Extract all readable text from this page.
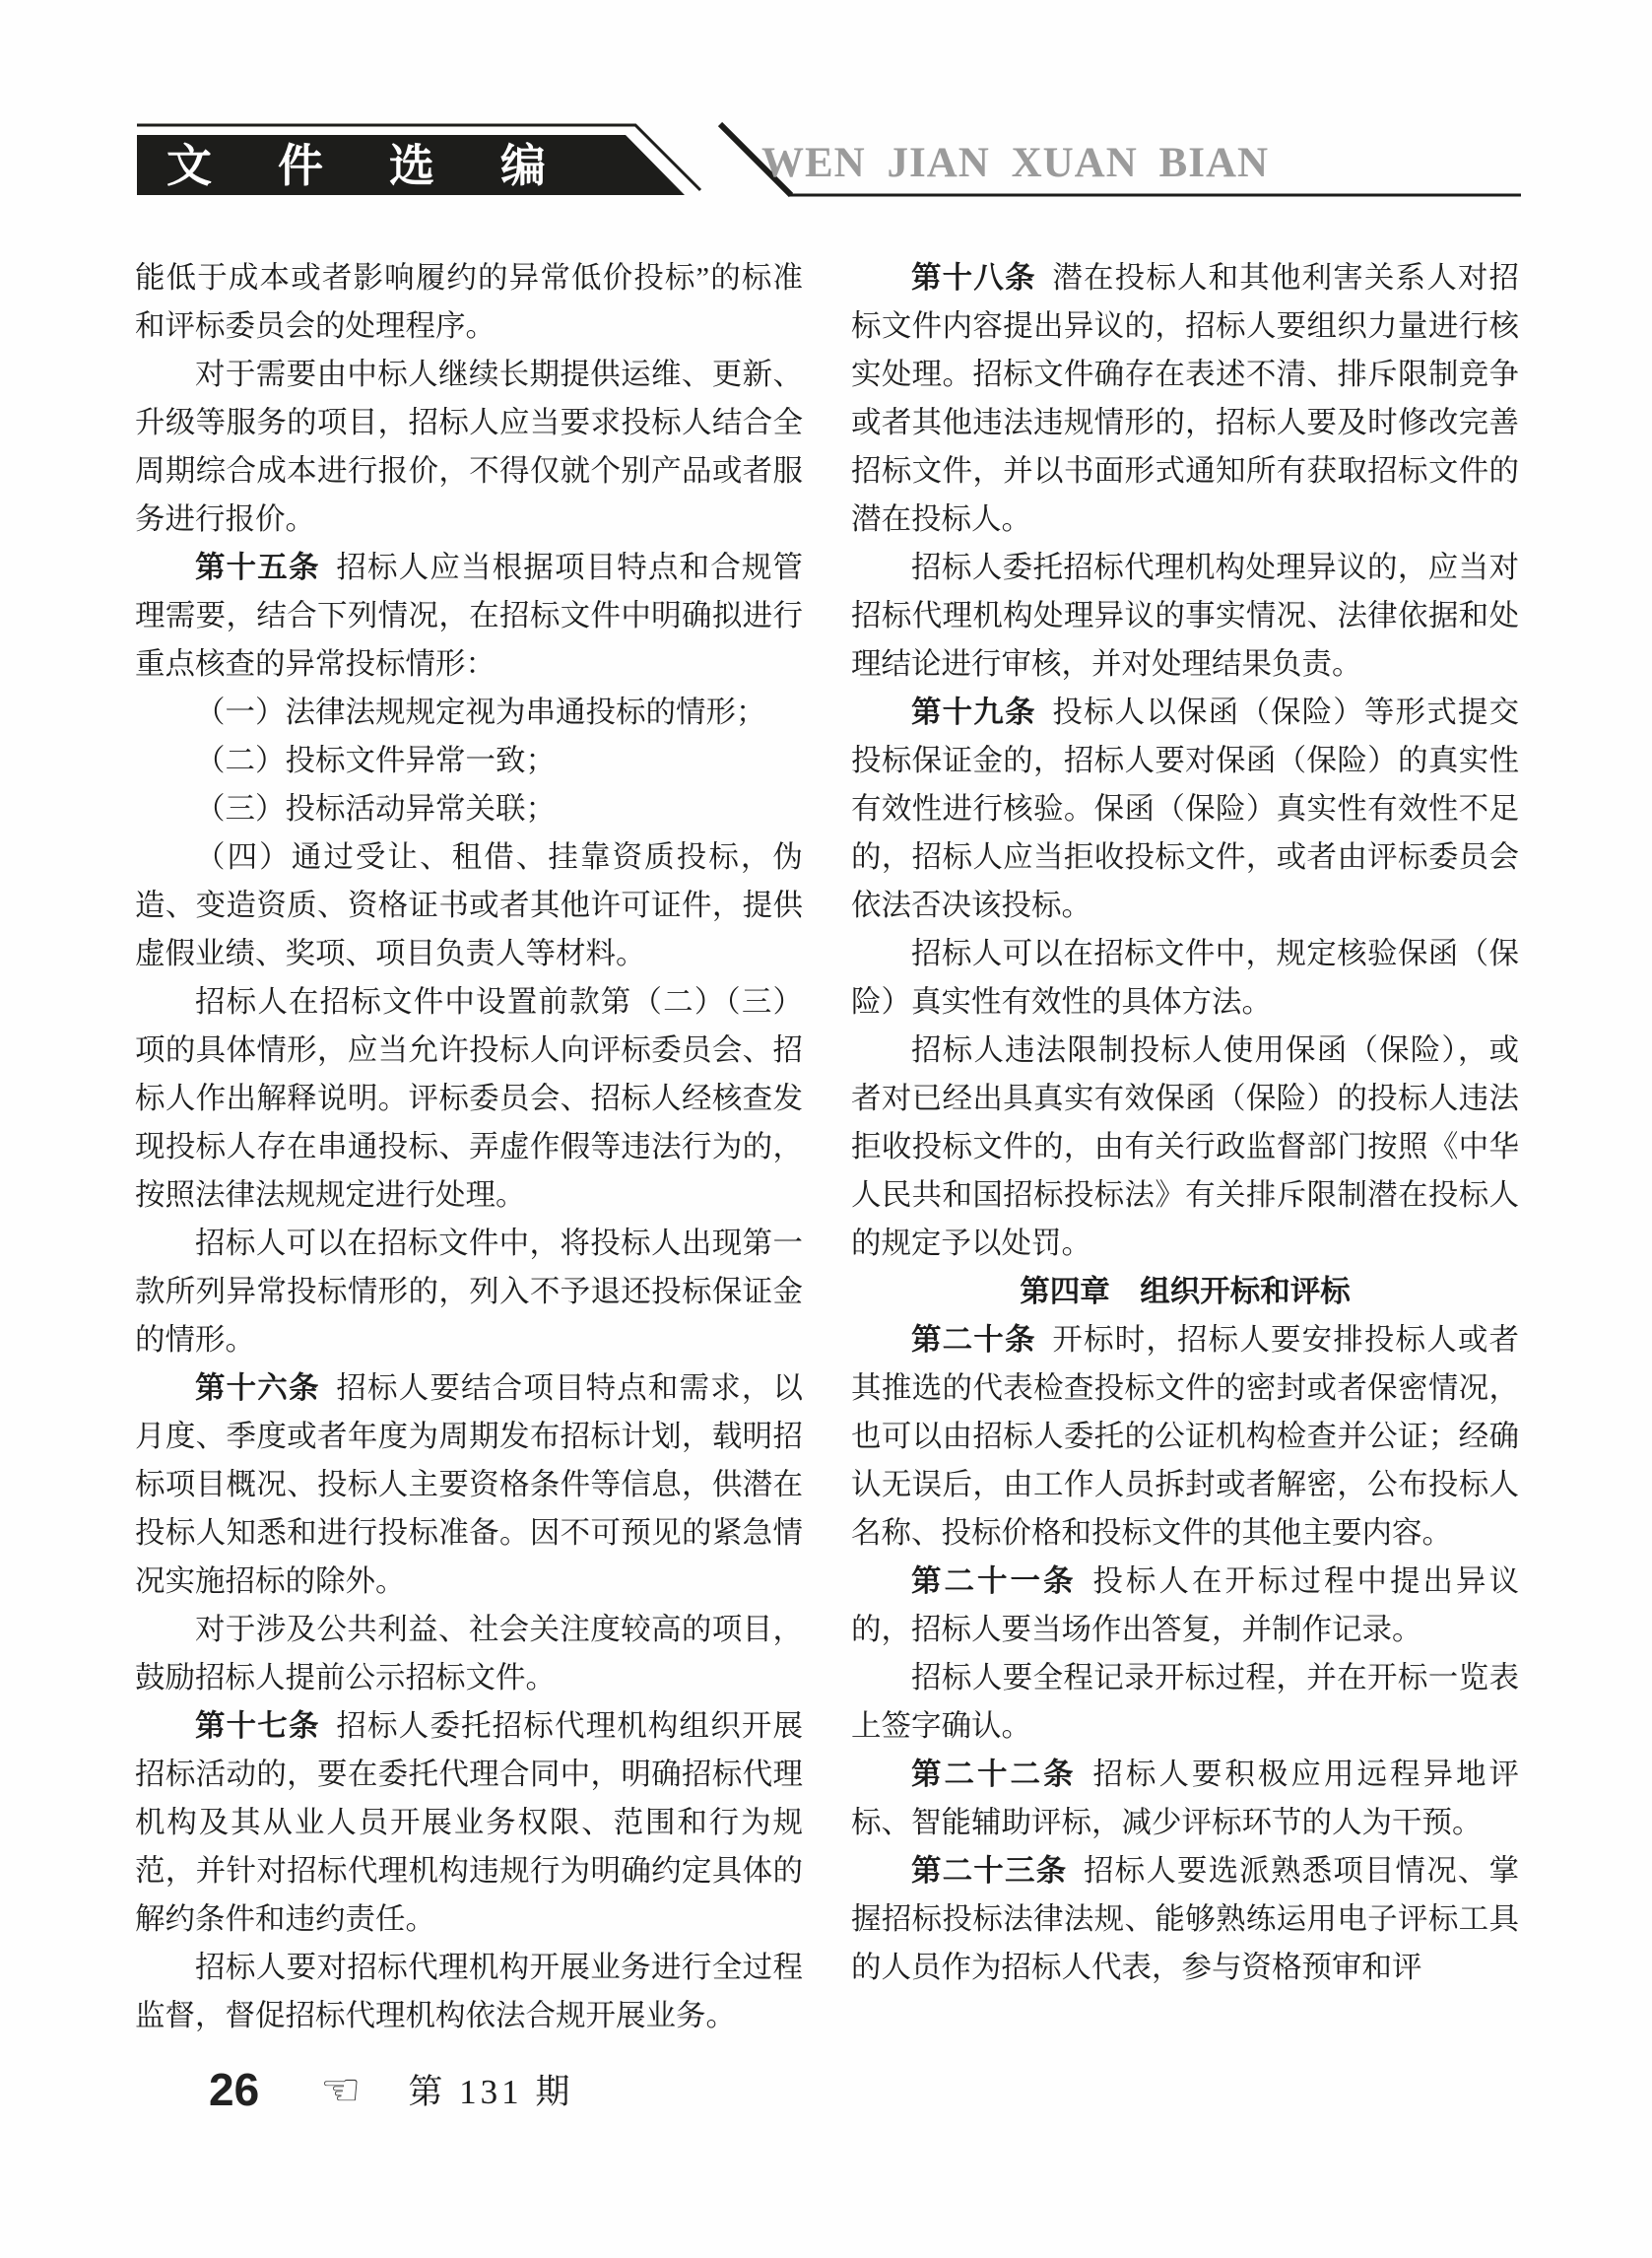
文件选编	WEN JIAN XUAN BIAN

能低于成本或者影响履约的异常低价投标”的标准和评标委员会的处理程序。

对于需要由中标人继续长期提供运维、更新、升级等服务的项目，招标人应当要求投标人结合全周期综合成本进行报价，不得仅就个别产品或者服务进行报价。

第十五条 招标人应当根据项目特点和合规管理需要，结合下列情况，在招标文件中明确拟进行重点核查的异常投标情形：

（一）法律法规规定视为串通投标的情形；

（二）投标文件异常一致；

（三）投标活动异常关联；

（四）通过受让、租借、挂靠资质投标，伪造、变造资质、资格证书或者其他许可证件，提供虚假业绩、奖项、项目负责人等材料。

招标人在招标文件中设置前款第（二）（三）项的具体情形，应当允许投标人向评标委员会、招标人作出解释说明。评标委员会、招标人经核查发现投标人存在串通投标、弄虚作假等违法行为的，按照法律法规规定进行处理。

招标人可以在招标文件中，将投标人出现第一款所列异常投标情形的，列入不予退还投标保证金的情形。

第十六条 招标人要结合项目特点和需求，以月度、季度或者年度为周期发布招标计划，载明招标项目概况、投标人主要资格条件等信息，供潜在投标人知悉和进行投标准备。因不可预见的紧急情况实施招标的除外。

对于涉及公共利益、社会关注度较高的项目，鼓励招标人提前公示招标文件。

第十七条 招标人委托招标代理机构组织开展招标活动的，要在委托代理合同中，明确招标代理机构及其从业人员开展业务权限、范围和行为规范，并针对招标代理机构违规行为明确约定具体的解约条件和违约责任。

招标人要对招标代理机构开展业务进行全过程监督，督促招标代理机构依法合规开展业务。

第十八条 潜在投标人和其他利害关系人对招标文件内容提出异议的，招标人要组织力量进行核实处理。招标文件确存在表述不清、排斥限制竞争或者其他违法违规情形的，招标人要及时修改完善招标文件，并以书面形式通知所有获取招标文件的潜在投标人。

招标人委托招标代理机构处理异议的，应当对招标代理机构处理异议的事实情况、法律依据和处理结论进行审核，并对处理结果负责。

第十九条 投标人以保函（保险）等形式提交投标保证金的，招标人要对保函（保险）的真实性有效性进行核验。保函（保险）真实性有效性不足的，招标人应当拒收投标文件，或者由评标委员会依法否决该投标。

招标人可以在招标文件中，规定核验保函（保险）真实性有效性的具体方法。

招标人违法限制投标人使用保函（保险），或者对已经出具真实有效保函（保险）的投标人违法拒收投标文件的，由有关行政监督部门按照《中华人民共和国招标投标法》有关排斥限制潜在投标人的规定予以处罚。

第四章　组织开标和评标

第二十条 开标时，招标人要安排投标人或者其推选的代表检查投标文件的密封或者保密情况，也可以由招标人委托的公证机构检查并公证；经确认无误后，由工作人员拆封或者解密，公布投标人名称、投标价格和投标文件的其他主要内容。

第二十一条 投标人在开标过程中提出异议的，招标人要当场作出答复，并制作记录。

招标人要全程记录开标过程，并在开标一览表上签字确认。

第二十二条 招标人要积极应用远程异地评标、智能辅助评标，减少评标环节的人为干预。

第二十三条 招标人要选派熟悉项目情况、掌握招标投标法律法规、能够熟练运用电子评标工具的人员作为招标人代表，参与资格预审和评

26 ☜ 第 131 期
